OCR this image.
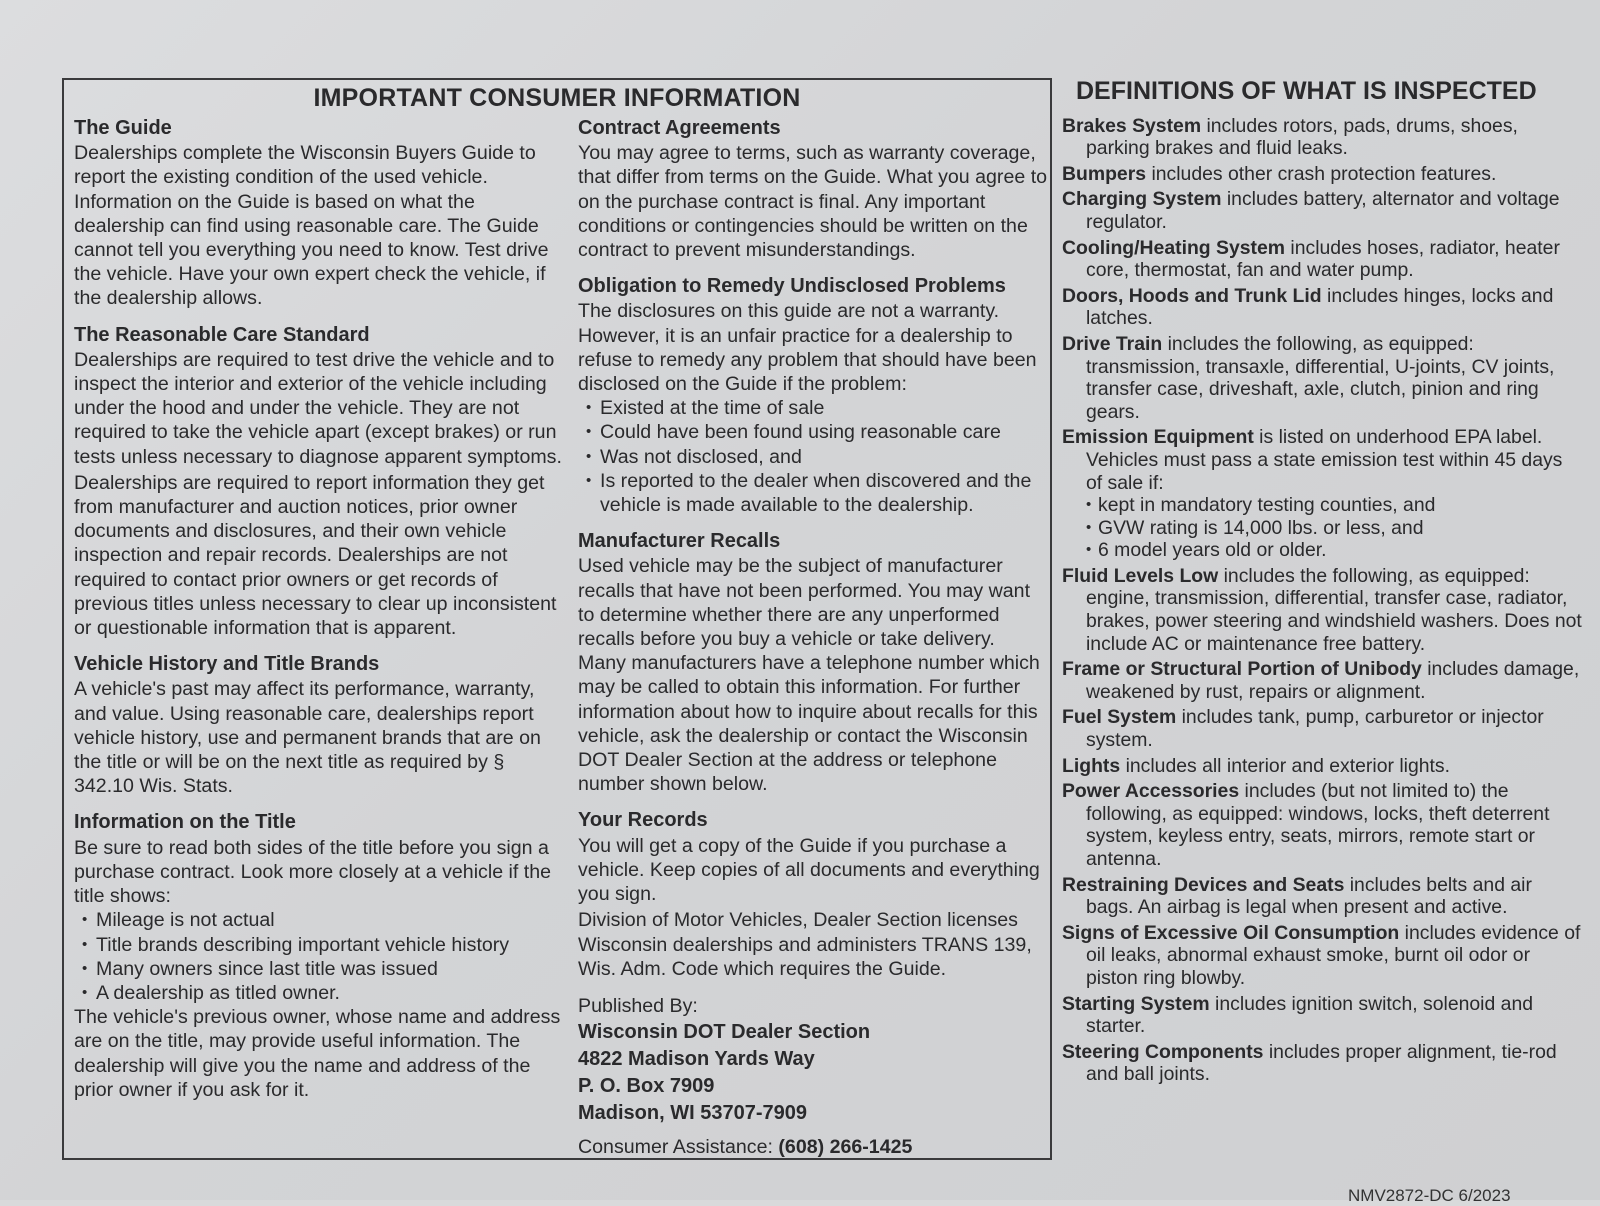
IMPORTANT CONSUMER INFORMATION
The Guide

Dealerships complete the Wisconsin Buyers Guide to report the existing condition of the used vehicle. Information on the Guide is based on what the dealership can find using reasonable care. The Guide cannot tell you everything you need to know. Test drive the vehicle. Have your own expert check the vehicle, if the dealership allows.

The Reasonable Care Standard

Dealerships are required to test drive the vehicle and to inspect the interior and exterior of the vehicle including under the hood and under the vehicle. They are not required to take the vehicle apart (except brakes) or run tests unless necessary to diagnose apparent symptoms.

Dealerships are required to report information they get from manufacturer and auction notices, prior owner documents and disclosures, and their own vehicle inspection and repair records. Dealerships are not required to contact prior owners or get records of previous titles unless necessary to clear up inconsistent or questionable information that is apparent.

Vehicle History and Title Brands

A vehicle's past may affect its performance, warranty, and value. Using reasonable care, dealerships report vehicle history, use and permanent brands that are on the title or will be on the next title as required by § 342.10 Wis. Stats.

Information on the Title

Be sure to read both sides of the title before you sign a purchase contract. Look more closely at a vehicle if the title shows:

• Mileage is not actual
• Title brands describing important vehicle history
• Many owners since last title was issued
• A dealership as titled owner.

The vehicle's previous owner, whose name and address are on the title, may provide useful information. The dealership will give you the name and address of the prior owner if you ask for it.

Contract Agreements

You may agree to terms, such as warranty coverage, that differ from terms on the Guide. What you agree to on the purchase contract is final. Any important conditions or contingencies should be written on the contract to prevent misunderstandings.

Obligation to Remedy Undisclosed Problems

The disclosures on this guide are not a warranty. However, it is an unfair practice for a dealership to refuse to remedy any problem that should have been disclosed on the Guide if the problem:

• Existed at the time of sale
• Could have been found using reasonable care
• Was not disclosed, and
• Is reported to the dealer when discovered and the vehicle is made available to the dealership.
Manufacturer Recalls

Used vehicle may be the subject of manufacturer recalls that have not been performed. You may want to determine whether there are any unperformed recalls before you buy a vehicle or take delivery. Many manufacturers have a telephone number which may be called to obtain this information. For further information about how to inquire about recalls for this vehicle, ask the dealership or contact the Wisconsin DOT Dealer Section at the address or telephone number shown below.

Your Records

You will get a copy of the Guide if you purchase a vehicle. Keep copies of all documents and everything you sign.

Division of Motor Vehicles, Dealer Section licenses Wisconsin dealerships and administers TRANS 139, Wis. Adm. Code which requires the Guide.

Published By:

Wisconsin DOT Dealer Section

4822 Madison Yards Way

P. O. Box 7909

Madison, WI 53707-7909

Consumer Assistance: (608) 266-1425

DEFINITIONS OF WHAT IS INSPECTED
Brakes System includes rotors, pads, drums, shoes, parking brakes and fluid leaks.
Bumpers includes other crash protection features.
Charging System includes battery, alternator and voltage regulator.
Cooling/Heating System includes hoses, radiator, heater core, thermostat, fan and water pump.
Doors, Hoods and Trunk Lid includes hinges, locks and latches.
Drive Train includes the following, as equipped: transmission, transaxle, differential, U-joints, CV joints, transfer case, driveshaft, axle, clutch, pinion and ring gears.
Emission Equipment is listed on underhood EPA label. Vehicles must pass a state emission test within 45 days of sale if:
• kept in mandatory testing counties, and
• GVW rating is 14,000 lbs. or less, and
• 6 model years old or older.
Fluid Levels Low includes the following, as equipped: engine, transmission, differential, transfer case, radiator, brakes, power steering and windshield washers. Does not include AC or maintenance free battery.
Frame or Structural Portion of Unibody includes damage, weakened by rust, repairs or alignment.
Fuel System includes tank, pump, carburetor or injector system.
Lights includes all interior and exterior lights.
Power Accessories includes (but not limited to) the following, as equipped: windows, locks, theft deterrent system, keyless entry, seats, mirrors, remote start or antenna.
Restraining Devices and Seats includes belts and air bags. An airbag is legal when present and active.
Signs of Excessive Oil Consumption includes evidence of oil leaks, abnormal exhaust smoke, burnt oil odor or piston ring blowby.
Starting System includes ignition switch, solenoid and starter.
Steering Components includes proper alignment, tie-rod and ball joints.
NMV2872-DC 6/2023
